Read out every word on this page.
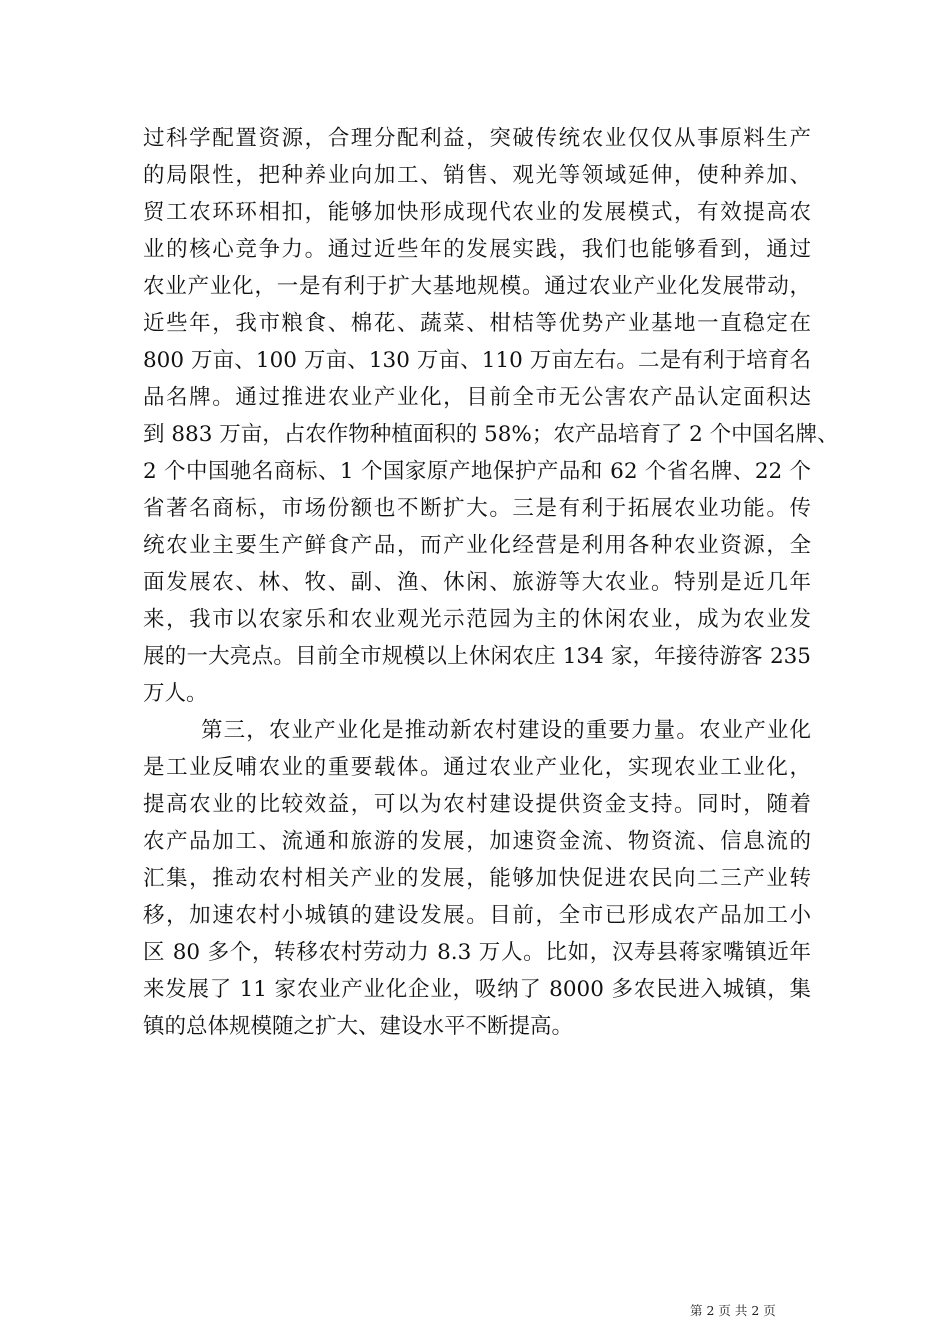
过科学配置资源，合理分配利益，突破传统农业仅仅从事原料生产
的局限性，把种养业向加工、销售、观光等领域延伸，使种养加、
贸工农环环相扣，能够加快形成现代农业的发展模式，有效提高农
业的核心竞争力。通过近些年的发展实践，我们也能够看到，通过
农业产业化，一是有利于扩大基地规模。通过农业产业化发展带动，
近些年，我市粮食、棉花、蔬菜、柑桔等优势产业基地一直稳定在
800 万亩、100 万亩、130 万亩、110 万亩左右。二是有利于培育名
品名牌。通过推进农业产业化，目前全市无公害农产品认定面积达
到 883 万亩，占农作物种植面积的 58%；农产品培育了 2 个中国名牌、
2 个中国驰名商标、1 个国家原产地保护产品和 62 个省名牌、22 个
省著名商标，市场份额也不断扩大。三是有利于拓展农业功能。传
统农业主要生产鲜食产品，而产业化经营是利用各种农业资源，全
面发展农、林、牧、副、渔、休闲、旅游等大农业。特别是近几年
来，我市以农家乐和农业观光示范园为主的休闲农业，成为农业发
展的一大亮点。目前全市规模以上休闲农庄 134 家，年接待游客 235
万人。
第三，农业产业化是推动新农村建设的重要力量。农业产业化
是工业反哺农业的重要载体。通过农业产业化，实现农业工业化，
提高农业的比较效益，可以为农村建设提供资金支持。同时，随着
农产品加工、流通和旅游的发展，加速资金流、物资流、信息流的
汇集，推动农村相关产业的发展，能够加快促进农民向二三产业转
移，加速农村小城镇的建设发展。目前，全市已形成农产品加工小
区 80 多个，转移农村劳动力 8.3 万人。比如，汉寿县蒋家嘴镇近年
来发展了 11 家农业产业化企业，吸纳了 8000 多农民进入城镇，集
镇的总体规模随之扩大、建设水平不断提高。
第 2 页 共 2 页
